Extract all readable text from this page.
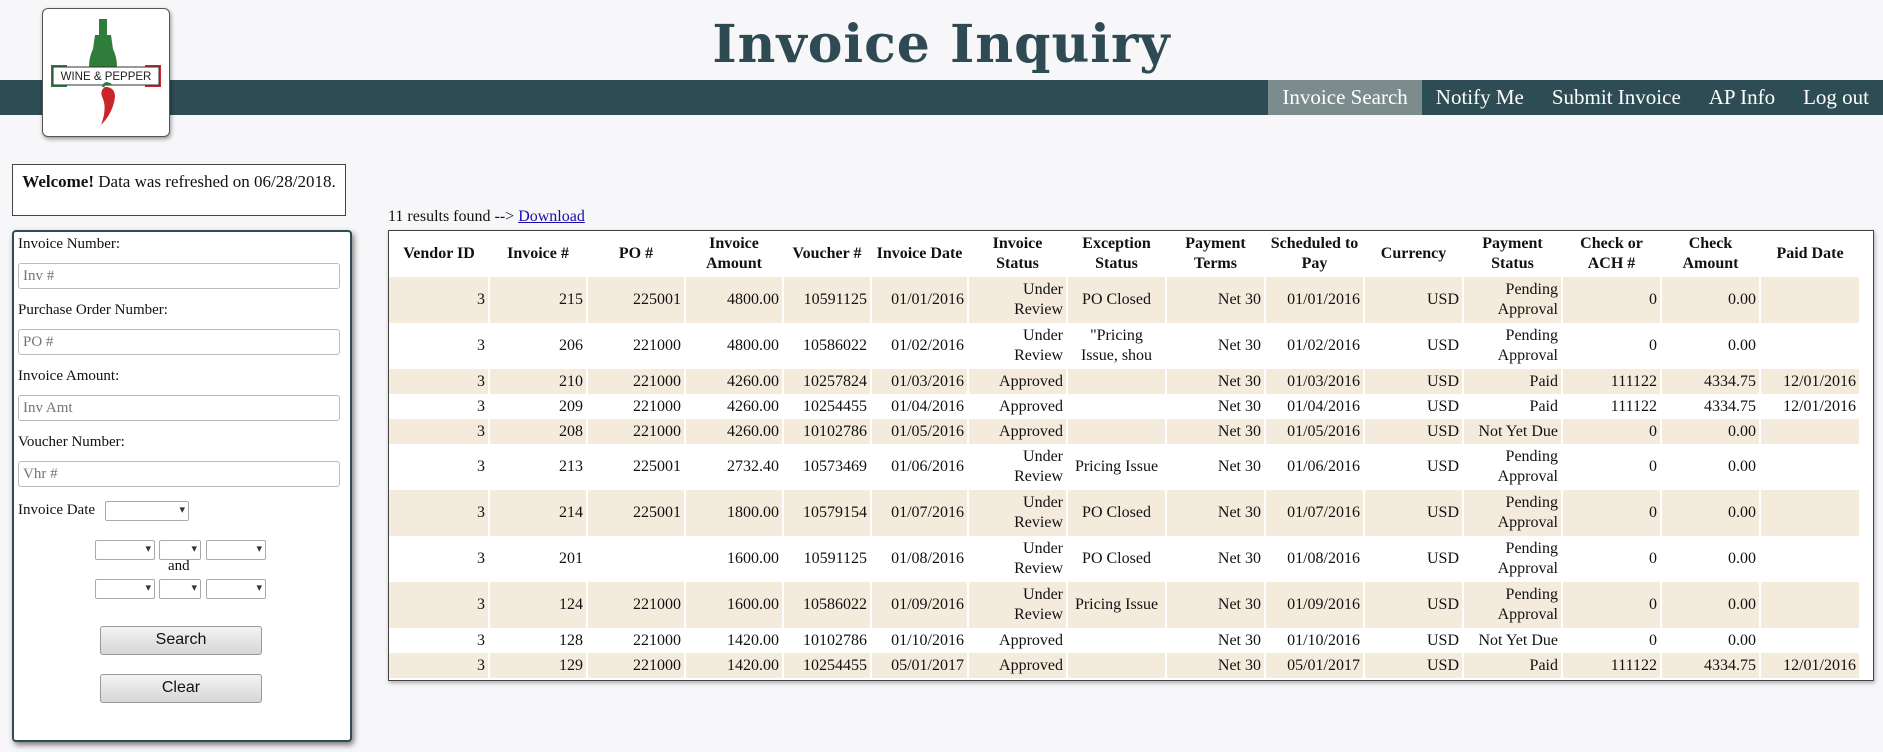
Invoice Inquiry
Invoice Search	Notify Me	Submit Invoice	AP Info	Log out
WINE & PEPPER
Welcome! Data was refreshed on 06/28/2018.
Invoice Number:
Inv #
Purchase Order Number:
PO #
Invoice Amount:
Inv Amt
Voucher Number:
Vhr #
Invoice Date
▾
▾
▾
▾
and
▾
▾
▾
Search
Clear
11 results found --> Download
Vendor ID	Invoice #	PO #	Invoice Amount	Voucher #	Invoice Date	Invoice Status	Exception Status	Payment Terms	Scheduled to Pay	Currency	Payment Status	Check or ACH #	Check Amount	Paid Date
3	215	225001	4800.00	10591125	01/01/2016	Under Review	PO Closed	Net 30	01/01/2016	USD	Pending Approval	0	0.00	
3	206	221000	4800.00	10586022	01/02/2016	Under Review	"Pricing Issue, shou	Net 30	01/02/2016	USD	Pending Approval	0	0.00	
3	210	221000	4260.00	10257824	01/03/2016	Approved		Net 30	01/03/2016	USD	Paid	111122	4334.75	12/01/2016
3	209	221000	4260.00	10254455	01/04/2016	Approved		Net 30	01/04/2016	USD	Paid	111122	4334.75	12/01/2016
3	208	221000	4260.00	10102786	01/05/2016	Approved		Net 30	01/05/2016	USD	Not Yet Due	0	0.00	
3	213	225001	2732.40	10573469	01/06/2016	Under Review	Pricing Issue	Net 30	01/06/2016	USD	Pending Approval	0	0.00	
3	214	225001	1800.00	10579154	01/07/2016	Under Review	PO Closed	Net 30	01/07/2016	USD	Pending Approval	0	0.00	
3	201		1600.00	10591125	01/08/2016	Under Review	PO Closed	Net 30	01/08/2016	USD	Pending Approval	0	0.00	
3	124	221000	1600.00	10586022	01/09/2016	Under Review	Pricing Issue	Net 30	01/09/2016	USD	Pending Approval	0	0.00	
3	128	221000	1420.00	10102786	01/10/2016	Approved		Net 30	01/10/2016	USD	Not Yet Due	0	0.00	
3	129	221000	1420.00	10254455	05/01/2017	Approved		Net 30	05/01/2017	USD	Paid	111122	4334.75	12/01/2016
